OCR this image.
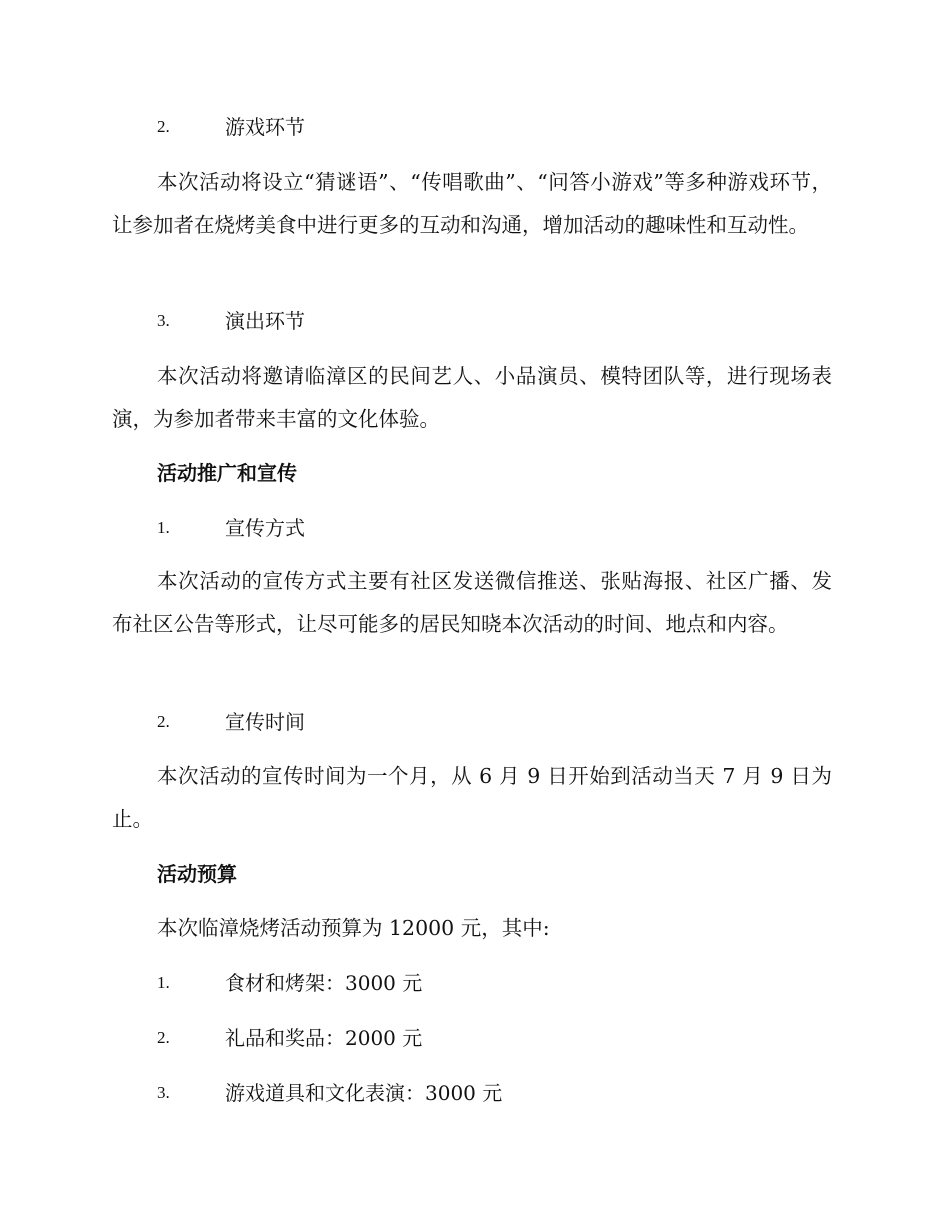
2.	游戏环节

本次活动将设立“猜谜语”、“传唱歌曲”、“问答小游戏”等多种游戏环节，让参加者在烧烤美食中进行更多的互动和沟通，增加活动的趣味性和互动性。

3.	演出环节

本次活动将邀请临漳区的民间艺人、小品演员、模特团队等，进行现场表演，为参加者带来丰富的文化体验。

活动推广和宣传
1.	宣传方式

本次活动的宣传方式主要有社区发送微信推送、张贴海报、社区广播、发布社区公告等形式，让尽可能多的居民知晓本次活动的时间、地点和内容。

2.	宣传时间

本次活动的宣传时间为一个月，从 6 月 9 日开始到活动当天 7 月 9 日为止。

活动预算

本次临漳烧烤活动预算为 12000 元，其中:

1.	食材和烤架：3000 元
2.	礼品和奖品：2000 元
3.	游戏道具和文化表演：3000 元
